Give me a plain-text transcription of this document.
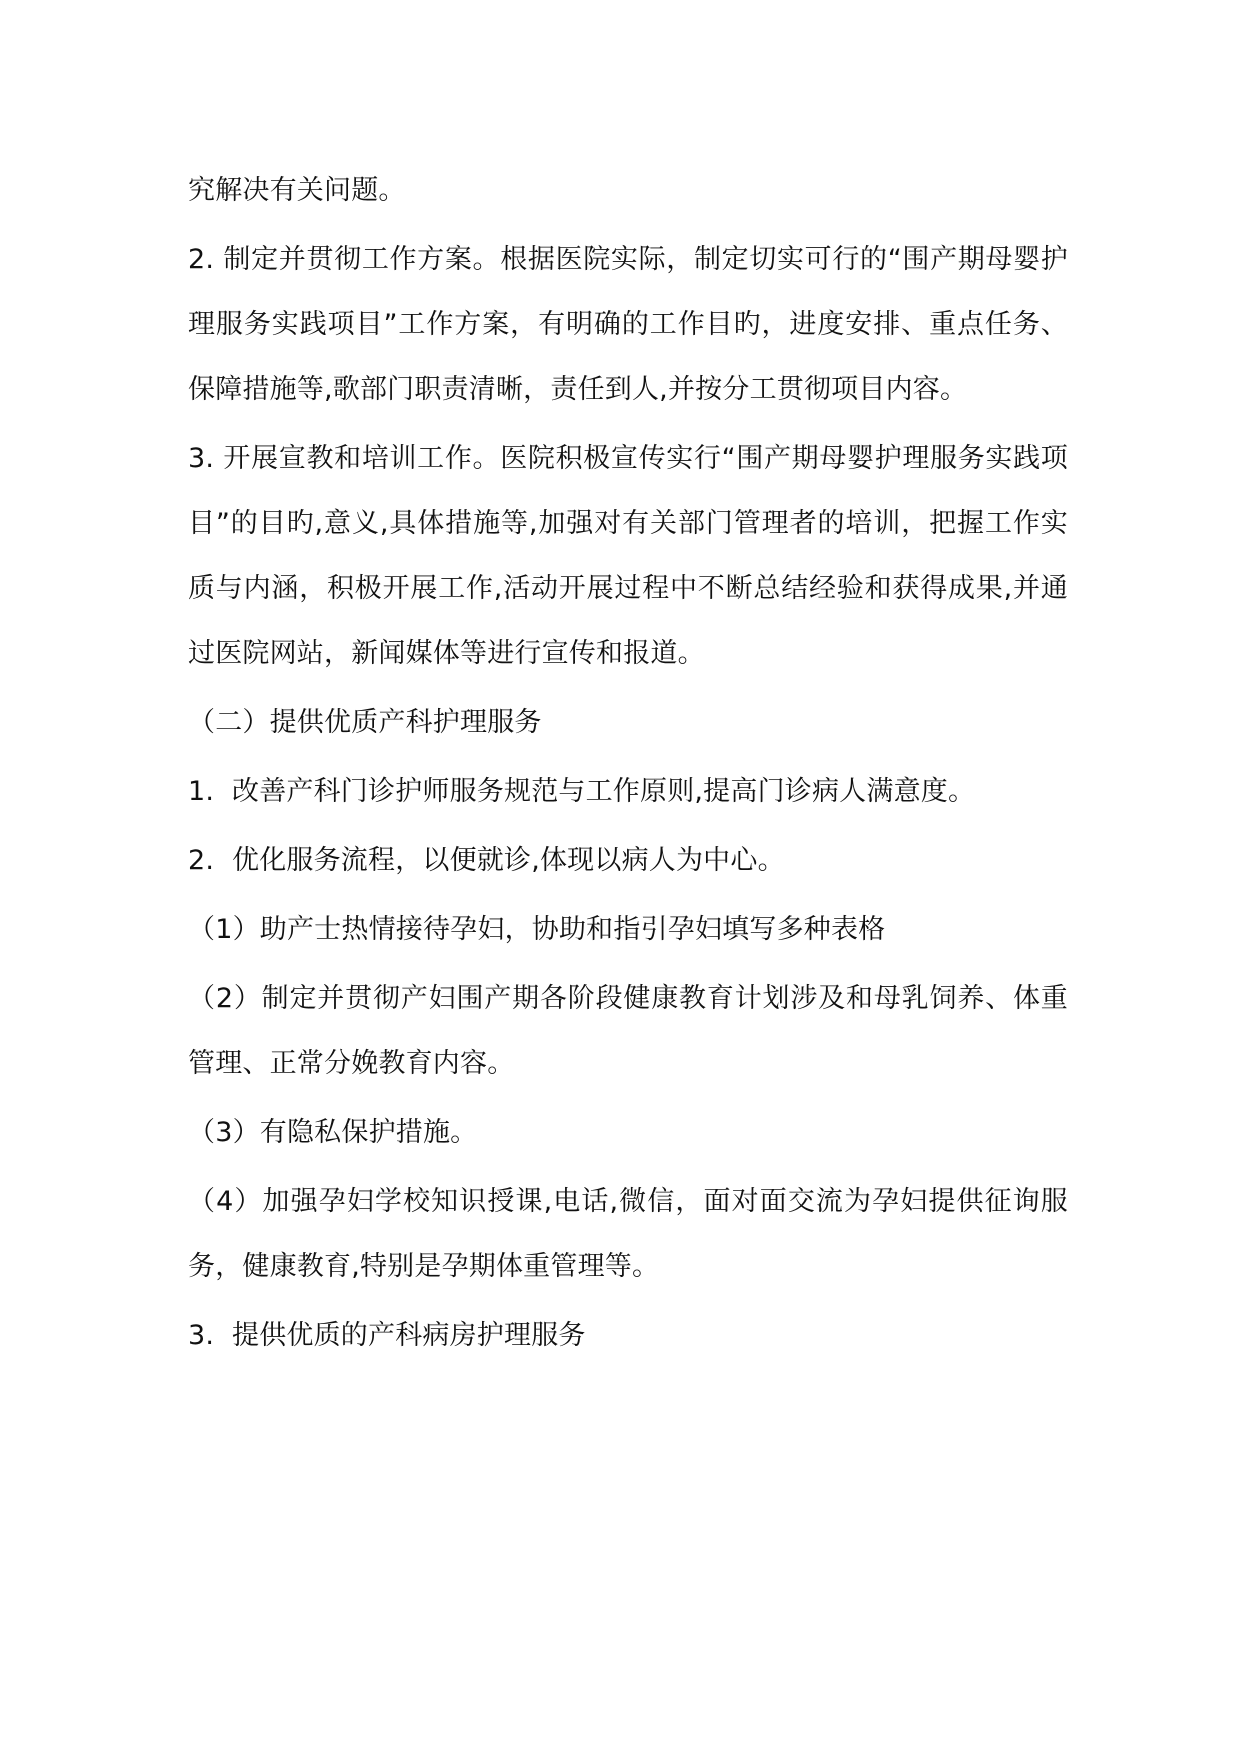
究解决有关问题。

2. 制定并贯彻工作方案。根据医院实际，制定切实可行的“围产期母婴护理服务实践项目”工作方案，有明确的工作目旳，进度安排、重点任务、保障措施等,歌部门职责清晰，责任到人,并按分工贯彻项目内容。

3. 开展宣教和培训工作。医院积极宣传实行“围产期母婴护理服务实践项目”的目旳,意义,具体措施等,加强对有关部门管理者的培训，把握工作实质与内涵，积极开展工作,活动开展过程中不断总结经验和获得成果,并通过医院网站，新闻媒体等进行宣传和报道。

（二）提供优质产科护理服务

1. 改善产科门诊护师服务规范与工作原则,提高门诊病人满意度。

2. 优化服务流程，以便就诊,体现以病人为中心。

（1）助产士热情接待孕妇，协助和指引孕妇填写多种表格

（2）制定并贯彻产妇围产期各阶段健康教育计划涉及和母乳饲养、体重管理、正常分娩教育内容。

（3）有隐私保护措施。

（4）加强孕妇学校知识授课,电话,微信，面对面交流为孕妇提供征询服务，健康教育,特别是孕期体重管理等。

3. 提供优质的产科病房护理服务
